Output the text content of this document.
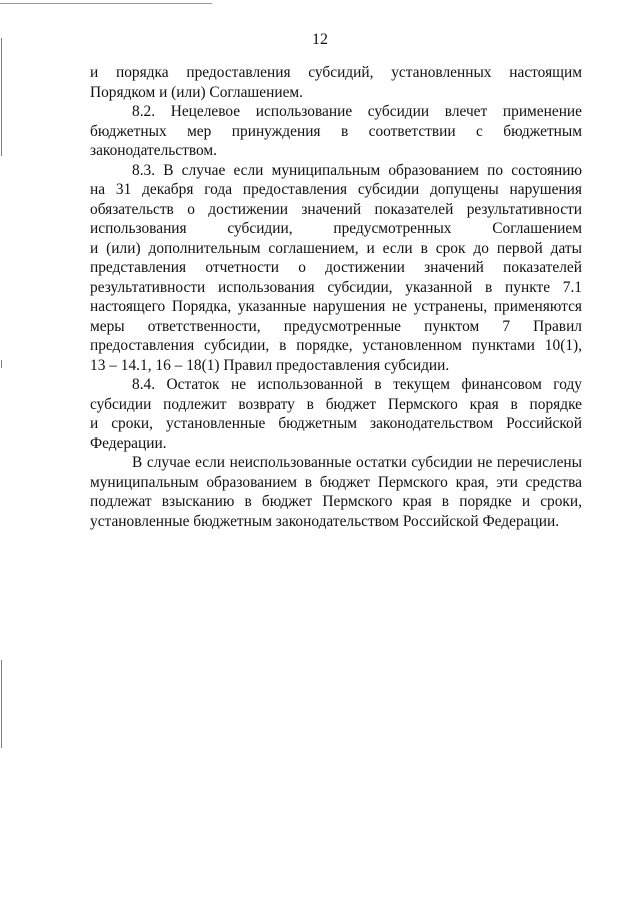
12
и порядка предоставления субсидий, установленных настоящим
Порядком и (или) Соглашением.
8.2. Нецелевое использование субсидии влечет применение
бюджетных мер принуждения в соответствии с бюджетным
законодательством.
8.3. В случае если муниципальным образованием по состоянию
на 31 декабря года предоставления субсидии допущены нарушения
обязательств о достижении значений показателей результативности
использования субсидии, предусмотренных Соглашением
и (или) дополнительным соглашением, и если в срок до первой даты
представления отчетности о достижении значений показателей
результативности использования субсидии, указанной в пункте 7.1
настоящего Порядка, указанные нарушения не устранены, применяются
меры ответственности, предусмотренные пунктом 7 Правил
предоставления субсидии, в порядке, установленном пунктами 10(1),
13 – 14.1, 16 – 18(1) Правил предоставления субсидии.
8.4. Остаток не использованной в текущем финансовом году
субсидии подлежит возврату в бюджет Пермского края в порядке
и сроки, установленные бюджетным законодательством Российской
Федерации.
В случае если неиспользованные остатки субсидии не перечислены
муниципальным образованием в бюджет Пермского края, эти средства
подлежат взысканию в бюджет Пермского края в порядке и сроки,
установленные бюджетным законодательством Российской Федерации.
